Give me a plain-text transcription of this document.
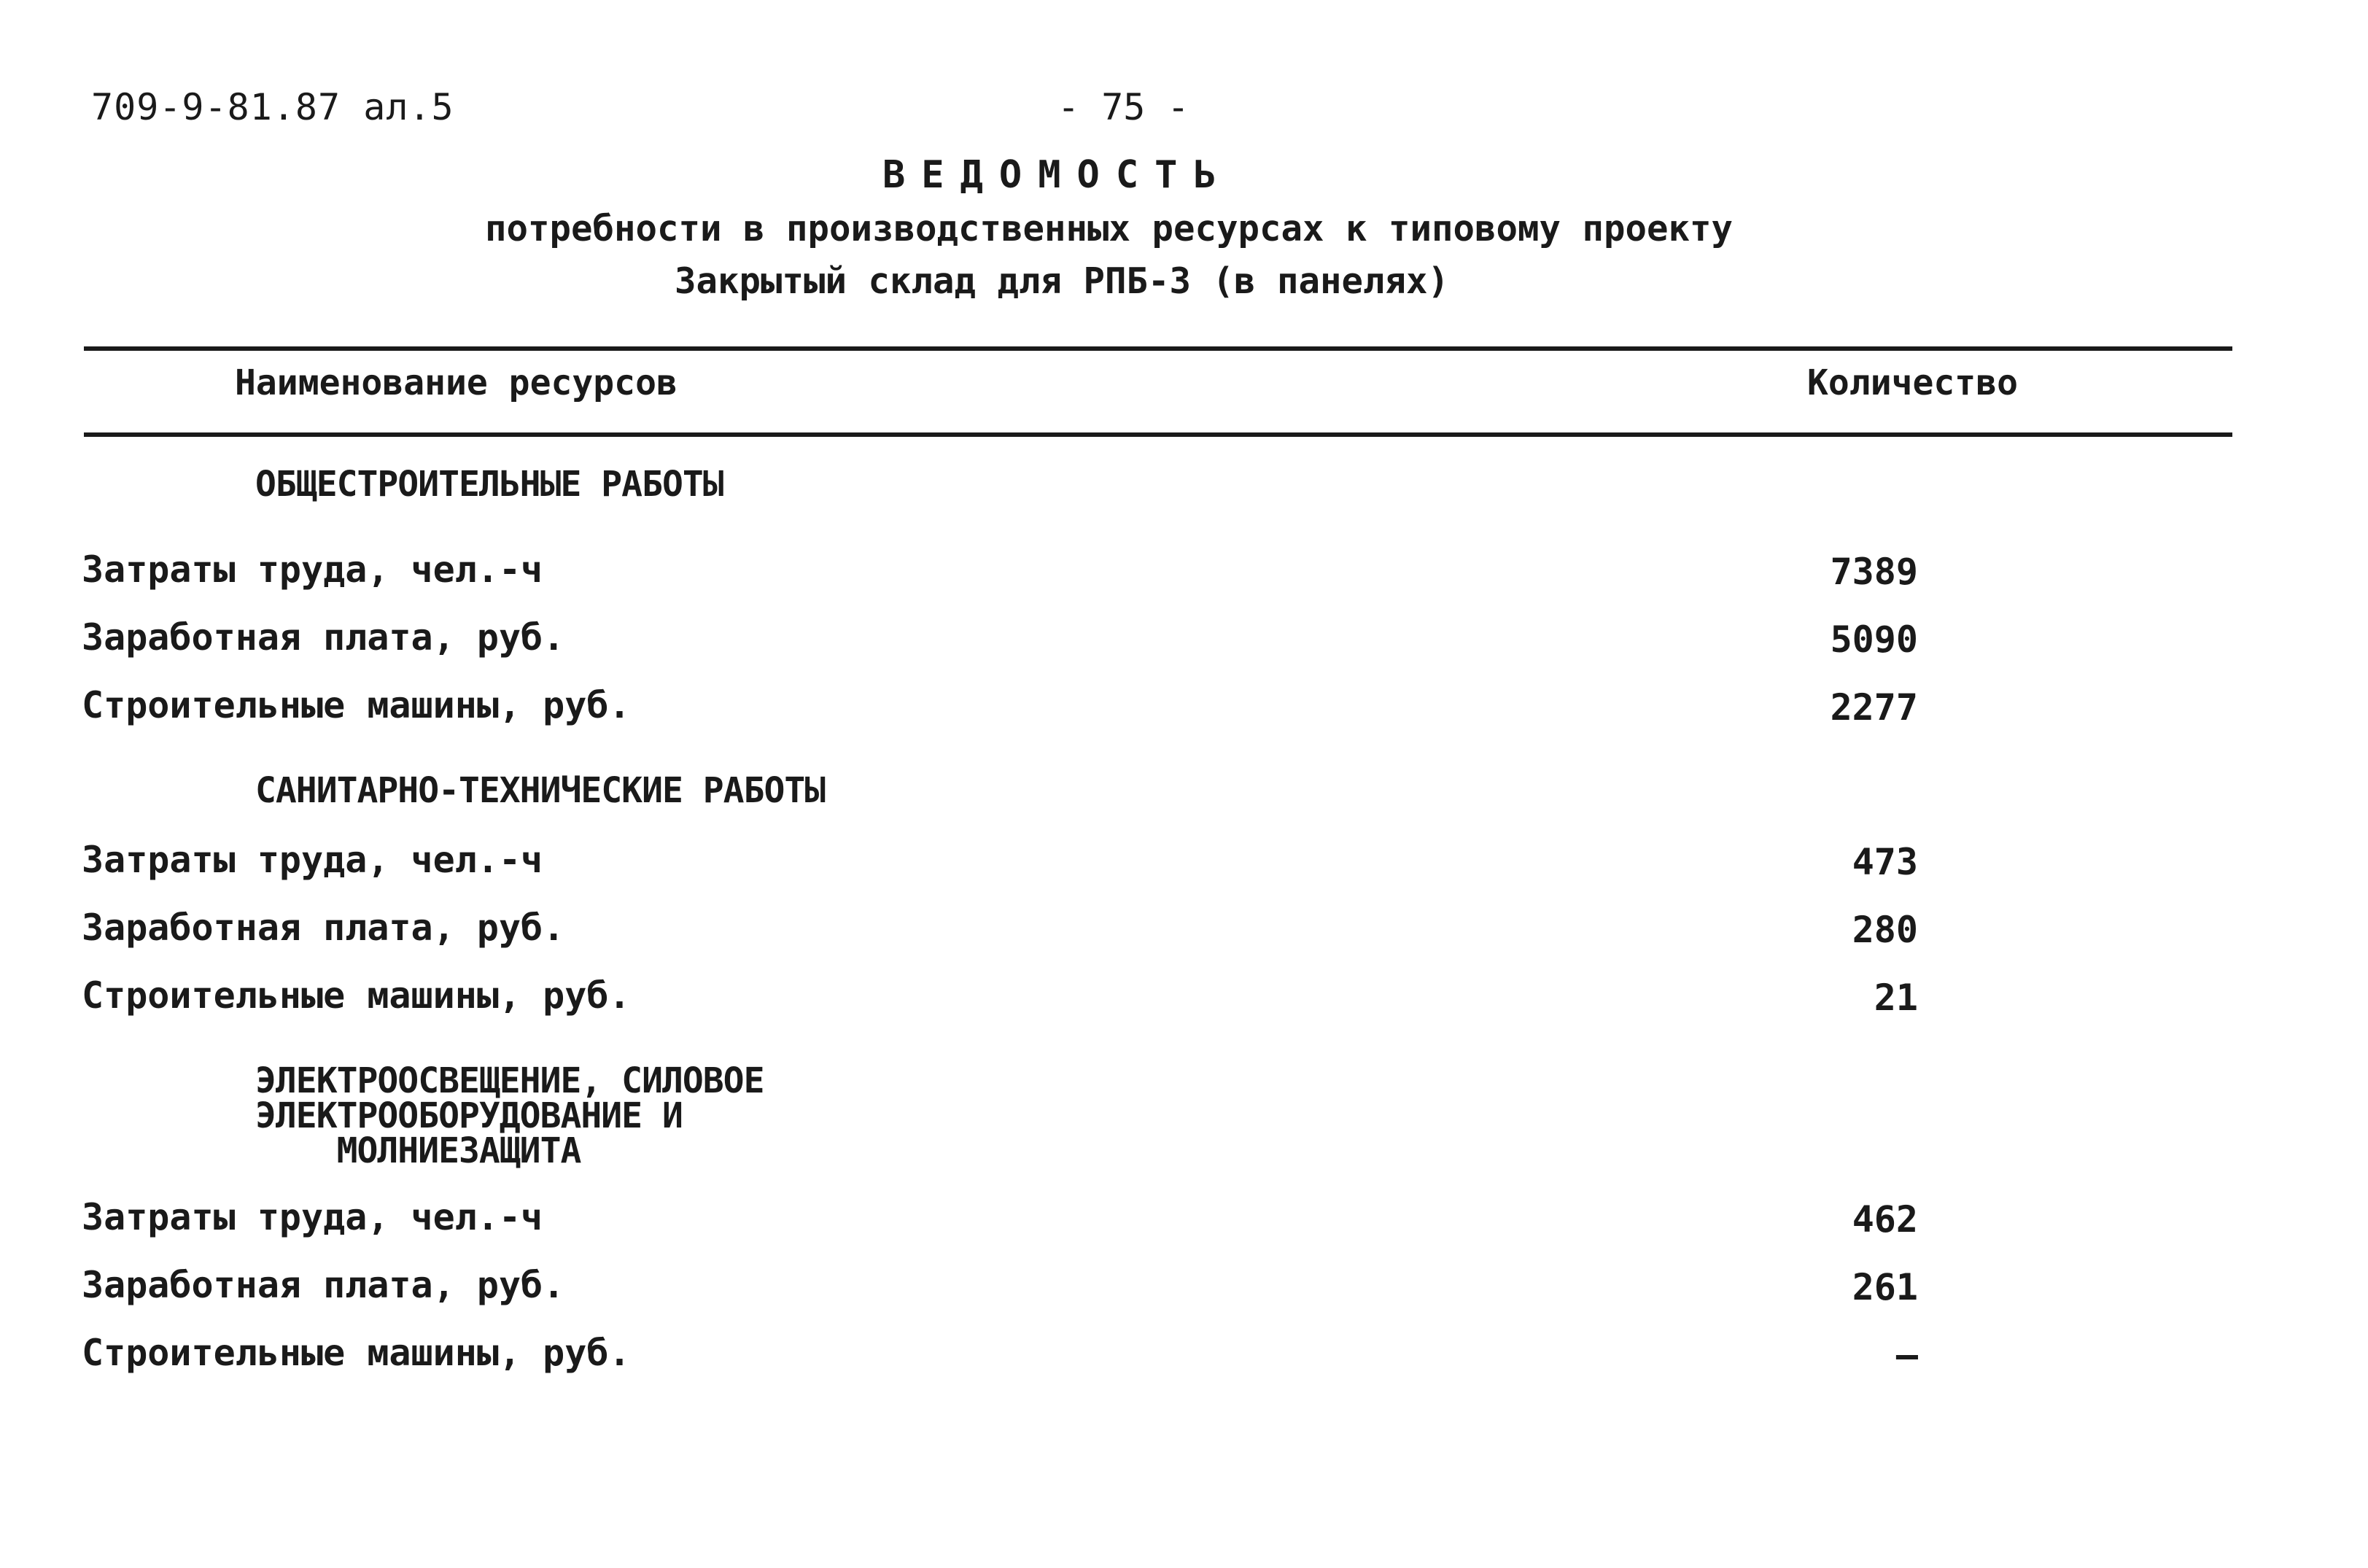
709-9-81.87 ал.5	- 75 -
ВЕДОМОСТЬ
потребности в производственных ресурсах к типовому проекту
Закрытый склад для РПБ-3 (в панелях)
Наименование ресурсов	Количество
ОБЩЕСТРОИТЕЛЬНЫЕ РАБОТЫ
Затраты труда, чел.-ч	7389
Заработная плата, руб.	5090
Строительные машины, руб.	2277
САНИТАРНО-ТЕХНИЧЕСКИЕ РАБОТЫ
Затраты труда, чел.-ч	473
Заработная плата, руб.	280
Строительные машины, руб.	21
ЭЛЕКТРООСВЕЩЕНИЕ, СИЛОВОЕ
ЭЛЕКТРООБОРУДОВАНИЕ И
МОЛНИЕЗАЩИТА
Затраты труда, чел.-ч	462
Заработная плата, руб.	261
Строительные машины, руб.	–
